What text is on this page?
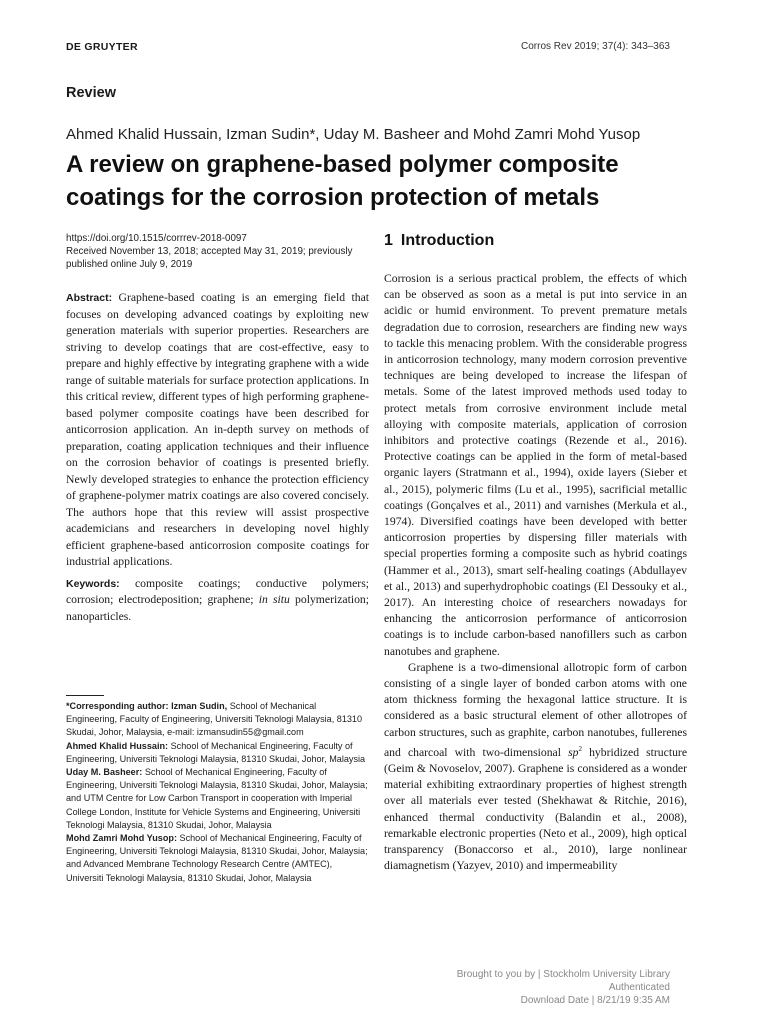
DE GRUYTER	Corros Rev 2019; 37(4): 343–363
Review
Ahmed Khalid Hussain, Izman Sudin*, Uday M. Basheer and Mohd Zamri Mohd Yusop
A review on graphene-based polymer composite coatings for the corrosion protection of metals
https://doi.org/10.1515/corrrev-2018-0097
Received November 13, 2018; accepted May 31, 2019; previously
published online July 9, 2019

Abstract: Graphene-based coating is an emerging field that focuses on developing advanced coatings by exploiting new generation materials with superior properties. Researchers are striving to develop coatings that are cost-effective, easy to prepare and highly effective by integrating graphene with a wide range of suitable materials for surface protection applications. In this critical review, different types of high performing graphene-based polymer composite coatings have been described for anticorrosion application. An in-depth survey on methods of preparation, coating application techniques and their influence on the corrosion behavior of coatings is presented briefly. Newly developed strategies to enhance the protection efficiency of graphene-polymer matrix coatings are also covered concisely. The authors hope that this review will assist prospective academicians and researchers in developing novel highly efficient graphene-based anticorrosion composite coatings for industrial applications.

Keywords: composite coatings; conductive polymers; corrosion; electrodeposition; graphene; in situ polymerization; nanoparticles.

*Corresponding author: Izman Sudin, School of Mechanical Engineering, Faculty of Engineering, Universiti Teknologi Malaysia, 81310 Skudai, Johor, Malaysia, e-mail: izmansudin55@gmail.com

Ahmed Khalid Hussain: School of Mechanical Engineering, Faculty of Engineering, Universiti Teknologi Malaysia, 81310 Skudai, Johor, Malaysia

Uday M. Basheer: School of Mechanical Engineering, Faculty of Engineering, Universiti Teknologi Malaysia, 81310 Skudai, Johor, Malaysia; and UTM Centre for Low Carbon Transport in cooperation with Imperial College London, Institute for Vehicle Systems and Engineering, Universiti Teknologi Malaysia, 81310 Skudai, Johor, Malaysia

Mohd Zamri Mohd Yusop: School of Mechanical Engineering, Faculty of Engineering, Universiti Teknologi Malaysia, 81310 Skudai, Johor, Malaysia; and Advanced Membrane Technology Research Centre (AMTEC), Universiti Teknologi Malaysia, 81310 Skudai, Johor, Malaysia

1 Introduction

Corrosion is a serious practical problem, the effects of which can be observed as soon as a metal is put into service in an acidic or humid environment. To prevent premature metals degradation due to corrosion, researchers are finding new ways to tackle this menacing problem. With the considerable progress in anticorrosion technology, many modern corrosion preventive techniques are being developed to increase the lifespan of metals. Some of the latest improved methods used today to protect metals from corrosive environment include metal alloying with composite materials, application of corrosion inhibitors and protective coatings (Rezende et al., 2016). Protective coatings can be applied in the form of metal-based organic layers (Stratmann et al., 1994), oxide layers (Sieber et al., 2015), polymeric films (Lu et al., 1995), sacrificial metallic coatings (Gonçalves et al., 2011) and varnishes (Merkula et al., 1974). Diversified coatings have been developed with better anticorrosion properties by dispersing filler materials with special properties forming a composite such as hybrid coatings (Hammer et al., 2013), smart self-healing coatings (Abdullayev et al., 2013) and superhydrophobic coatings (El Dessouky et al., 2017). An interesting choice of researchers nowadays for enhancing the anticorrosion performance of anticorrosion coatings is to include carbon-based nanofillers such as carbon nanotubes and graphene.

Graphene is a two-dimensional allotropic form of carbon consisting of a single layer of bonded carbon atoms with one atom thickness forming the hexagonal lattice structure. It is considered as a basic structural element of other allotropes of carbon structures, such as graphite, carbon nanotubes, fullerenes and charcoal with two-dimensional $sp^2$ hybridized structure (Geim & Novoselov, 2007). Graphene is considered as a wonder material exhibiting extraordinary properties of highest strength over all materials ever tested (Shekhawat & Ritchie, 2016), enhanced thermal conductivity (Balandin et al., 2008), remarkable electronic properties (Neto et al., 2009), high optical transparency (Bonaccorso et al., 2010), large nonlinear diamagnetism (Yazyev, 2010) and impermeability

Brought to you by | Stockholm University Library
Authenticated
Download Date | 8/21/19 9:35 AM
